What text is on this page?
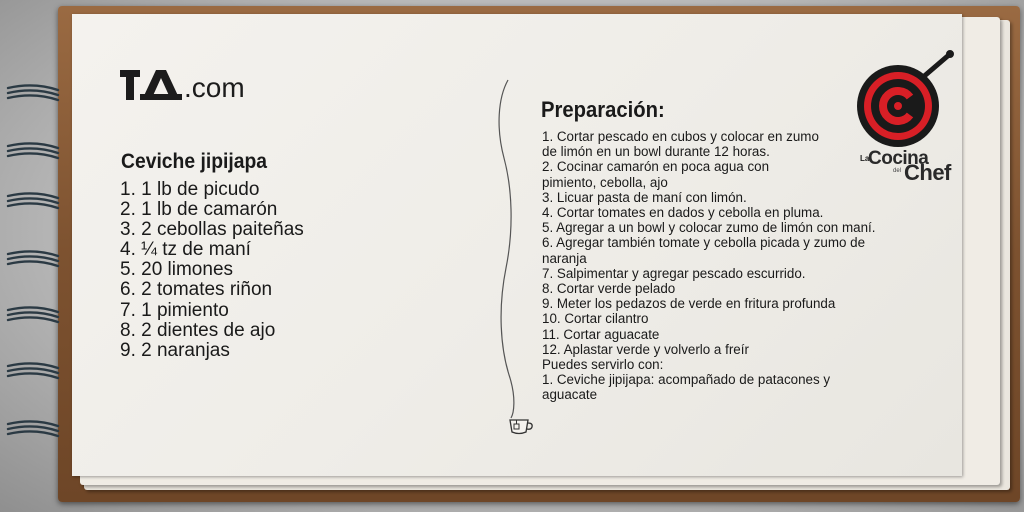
.com
Ceviche jipijapa
1. 1 lb de picudo
2. 1 lb de camarón
3. 2 cebollas paiteñas
4. ¼ tz de maní
5. 20 limones
6. 2 tomates riñon
7. 1 pimiento
8. 2 dientes de ajo
9. 2 naranjas
Preparación:
1. Cortar pescado en cubos y colocar en zumo de limón en un bowl durante 12 horas.
2. Cocinar camarón en poca agua con pimiento, cebolla, ajo
3. Licuar pasta de maní con limón.
4. Cortar tomates en dados y cebolla en pluma.
5. Agregar a un bowl y colocar zumo de limón con maní.
6. Agregar también tomate y cebolla picada y zumo de naranja
7. Salpimentar y agregar pescado escurrido.
8. Cortar verde pelado
9. Meter los pedazos de verde en fritura profunda
10. Cortar cilantro
11. Cortar aguacate
12. Aplastar verde y volverlo a freír
Puedes servirlo con:
1. Ceviche jipijapa: acompañado de patacones y aguacate
La
Cocina
del Chef
